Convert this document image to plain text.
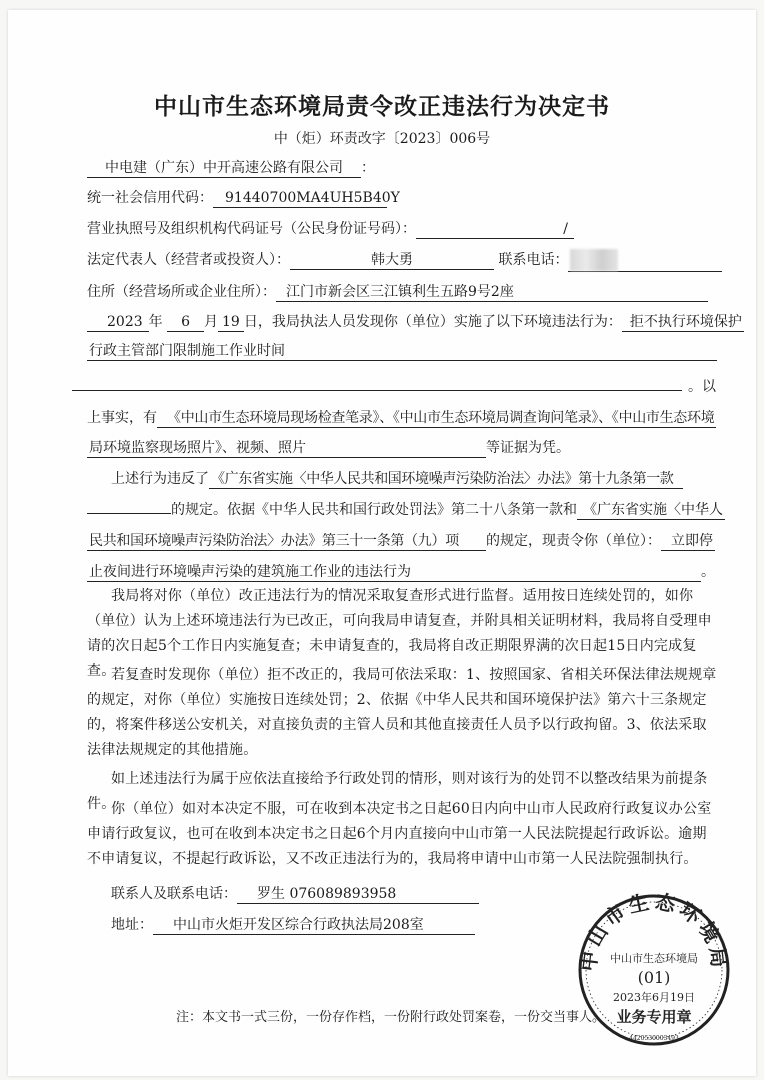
中山市生态环境局责令改正违法行为决定书
中（炬）环责改字〔2023〕006号
中电建（广东）中开高速公路有限公司 ：
统一社会信用代码： 91440700MA4UH5B40Y
营业执照号及组织机构代码证号（公民身份证号码）：	/
法定代表人（经营者或投资人）：	韩大勇	联系电话：
住所（经营场所或企业住所）： 江门市新会区三江镇利生五路9号2座
2023 年 6 月 19 日，我局执法人员发现你（单位）实施了以下环境违法行为： 拒不执行环境保护
行政主管部门限制施工作业时间
。以
上事实，有 《中山市生态环境局现场检查笔录》、《中山市生态环境局调查询问笔录》、《中山市生态环境
局环境监察现场照片》、视频、照片	等证据为凭。
上述行为违反了 《广东省实施〈中华人民共和国环境噪声污染防治法〉办法》第十九条第一款
的规定。依据《中华人民共和国行政处罚法》第二十八条第一款和 《广东省实施〈中华人
民共和国环境噪声污染防治法〉办法》第三十一条第（九）项 的规定，现责令你（单位）： 立即停
止夜间进行环境噪声污染的建筑施工作业的违法行为	。
我局将对你（单位）改正违法行为的情况采取复查形式进行监督。适用按日连续处罚的，如你（单位）认为上述环境违法行为已改正，可向我局申请复查，并附具相关证明材料，我局将自受理申请的次日起5个工作日内实施复查；未申请复查的，我局将自改正期限界满的次日起15日内完成复查。
若复查时发现你（单位）拒不改正的，我局可依法采取：1、按照国家、省相关环保法律法规规章的规定，对你（单位）实施按日连续处罚；2、依据《中华人民共和国环境保护法》第六十三条规定的，将案件移送公安机关，对直接负责的主管人员和其他直接责任人员予以行政拘留。3、依法采取法律法规规定的其他措施。
如上述违法行为属于应依法直接给予行政处罚的情形，则对该行为的处罚不以整改结果为前提条件。
你（单位）如对本决定不服，可在收到本决定书之日起60日内向中山市人民政府行政复议办公室申请行政复议，也可在收到本决定书之日起6个月内直接向中山市第一人民法院提起行政诉讼。逾期不申请复议，不提起行政诉讼，又不改正违法行为的，我局将申请中山市第一人民法院强制执行。
联系人及联系电话： 罗生 076089893958
地址： 中山市火炬开发区综合行政执法局208室
注：本文书一式三份，一份存作档，一份附行政处罚案卷，一份交当事人。
中山市生态环境局
中山市生态环境局
(01)
2023年6月19日
业务专用章
4420530003493
